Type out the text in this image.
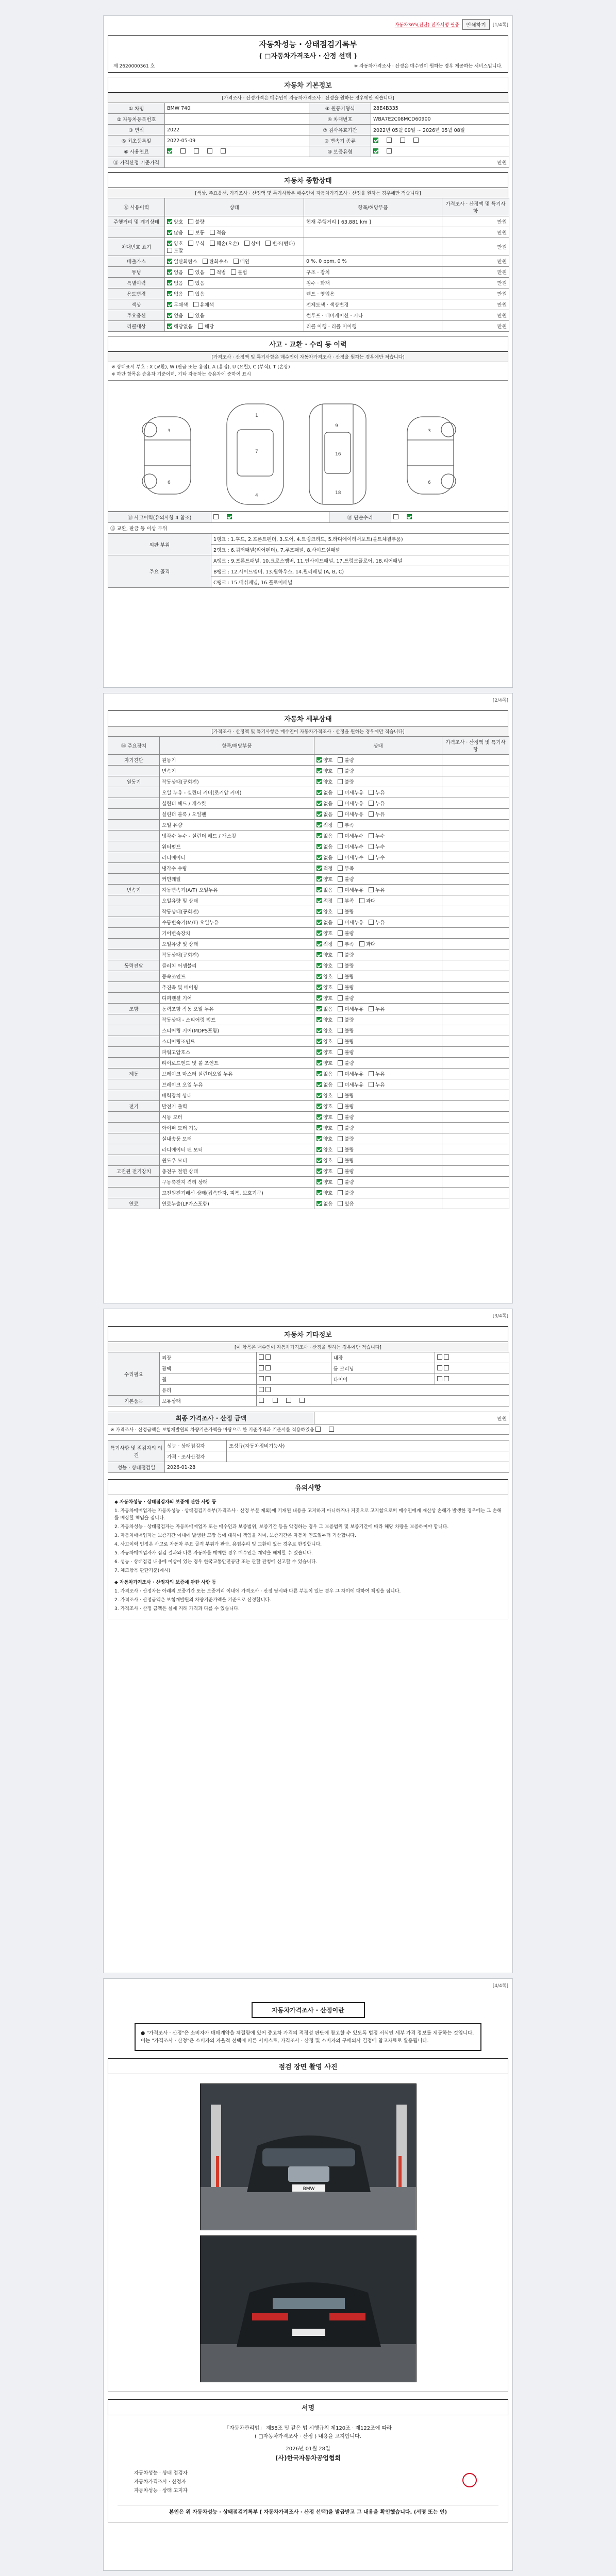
자동차365(진단) 전자서명 필증	인쇄하기	[1/4쪽]
자동차성능 · 상태점검기록부
( □자동차가격조사 · 산정 선택 )
제 2620000361 호	※ 자동차가격조사 · 산정은 매수인이 원하는 경우 제공하는 서비스입니다.
자동차 기본정보
[가격조사 · 산정가격은 매수인이 자동차가격조사 · 산정을 원하는 경우에만 적습니다]
① 차명	BMW 740i	⑧ 원동기형식	28E4B335
② 자동차등록번호		④ 차대번호	WBA7E2C08MCD60900
③ 연식	2022	⑦ 검사유효기간	2022년 05월 09일 ~ 2026년 05월 08일
⑤ 최초등록일	2022-05-09	⑨ 변속기 종류	
⑥ 사용연료		⑩ 보증유형	
⑪ 가격산정 기준가격	만원		
자동차 종합상태
[색상, 주요옵션, 가격조사 · 산정액 및 특기사항은 매수인이 자동차가격조사 · 산정을 원하는 경우에만 적습니다]
⑫ 사용이력	상태	항목/해당부품	가격조사 · 산정액 및 특기사항
주행거리 및 계기상태	양호 불량	현재 주행거리 [ 63,881 km ]	만원
	많음 보통 적음		만원
차대번호 표기	양호 부식 훼손(오손) 상이 변조(변타)도말		만원
배출가스	일산화탄소 탄화수소 매연	0 %, 0 ppm, 0 %	만원
튜닝	없음 있음 적법 불법	구조 · 장치	만원
특별이력	없음 있음	침수 · 화재	만원
용도변경	없음 있음	렌트 · 영업용	만원
색상	무채색 유채색	전체도색 · 색상변경	만원
주요옵션	없음 있음	썬루프 · 네비게이션 · 기타	만원
리콜대상	해당없음 해당	리콜 이행 · 리콜 미이행	만원
사고 · 교환 · 수리 등 이력
[가격조사 · 산정액 및 특기사항은 매수인이 자동차가격조사 · 산정을 원하는 경우에만 적습니다]
※ 상태표시 부호 : X (교환), W (판금 또는 용접), A (흠집), U (요철), C (부식), T (손상)
※ 하단 항목은 승용차 기준이며, 기타 자동차는 승용차에 준하여 표시
1
7
4
3
6
9
16
18
3
6
⑬ 사고이력(유의사항 4 참조)		⑭ 단순수리	
⑮ 교환, 판금 등 이상 부위			
외판 부위	1랭크 : 1.후드, 2.프론트펜더, 3.도어, 4.트렁크리드, 5.라디에이터서포트(볼트체결부품)		
	2랭크 : 6.쿼터패널(리어펜더), 7.루프패널, 8.사이드실패널		
주요 골격	A랭크 : 9.프론트패널, 10.크로스멤버, 11.인사이드패널, 17.트렁크플로어, 18.리어패널		
	B랭크 : 12.사이드멤버, 13.휠하우스, 14.필러패널 (A, B, C)		
	C랭크 : 15.대쉬패널, 16.플로어패널		
[2/4쪽]
자동차 세부상태
[가격조사 · 산정액 및 특기사항은 매수인이 자동차가격조사 · 산정을 원하는 경우에만 적습니다]
⑯ 주요장치	항목/해당부품	상태	가격조사 · 산정액 및 특기사항
자기진단	원동기	양호 불량	
	변속기	양호 불량	
원동기	작동상태(공회전)	양호 불량	
	오일 누유 - 실린더 커버(로커암 커버)	없음 미세누유 누유	
	실린더 헤드 / 개스킷	없음 미세누유 누유	
	실린더 블록 / 오일팬	없음 미세누유 누유	
	오일 유량	적정 부족	
	냉각수 누수 - 실린더 헤드 / 개스킷	없음 미세누수 누수	
	워터펌프	없음 미세누수 누수	
	라디에이터	없음 미세누수 누수	
	냉각수 수량	적정 부족	
	커먼레일	양호 불량	
변속기	자동변속기(A/T) 오일누유	없음 미세누유 누유	
	오일유량 및 상태	적정 부족 과다	
	작동상태(공회전)	양호 불량	
	수동변속기(M/T) 오일누유	없음 미세누유 누유	
	기어변속장치	양호 불량	
	오일유량 및 상태	적정 부족 과다	
	작동상태(공회전)	양호 불량	
동력전달	클러치 어셈블리	양호 불량	
	등속조인트	양호 불량	
	추진축 및 베어링	양호 불량	
	디퍼렌셜 기어	양호 불량	
조향	동력조향 작동 오일 누유	없음 미세누유 누유	
	작동상태 - 스티어링 펌프	양호 불량	
	스티어링 기어(MDPS포함)	양호 불량	
	스티어링조인트	양호 불량	
	파워고압호스	양호 불량	
	타이로드엔드 및 볼 조인트	양호 불량	
제동	브레이크 마스터 실린더오일 누유	없음 미세누유 누유	
	브레이크 오일 누유	없음 미세누유 누유	
	배력장치 상태	양호 불량	
전기	발전기 출력	양호 불량	
	시동 모터	양호 불량	
	와이퍼 모터 기능	양호 불량	
	실내송풍 모터	양호 불량	
	라디에이터 팬 모터	양호 불량	
	윈도우 모터	양호 불량	
고전원 전기장치	충전구 절연 상태	양호 불량	
	구동축전지 격리 상태	양호 불량	
	고전원전기배선 상태(접속단자, 피복, 보호기구)	양호 불량	
연료	연료누출(LP가스포함)	없음 있음	
[3/4쪽]
자동차 기타정보
[이 항목은 매수인이 자동차가격조사 · 산정을 원하는 경우에만 적습니다]
수리필요	외장		내장	
	광택		룸 크리닝	
	휠		타이어	
	유리			
기본품목	보유상태			
최종 가격조사 · 산정 금액	만원
※ 가격조사 · 산정금액은 보험개발원의 차량기준가액을 바탕으로 한 기준가격과 기준서를 적용하였음
특기사항 및 점검자의 의견	성능 · 상태점검자	조성규(자동차정비기능사)
	가격 · 조사산정자	
성능 · 상태점검일	2026-01-28	
유의사항

◆ 자동차성능 · 상태점검자의 보증에 관한 사항 등

1. 자동차매매업자는 자동차성능 · 상태점검기록부(가격조사 · 산정 부분 제외)에 기재된 내용을 고지하지 아니하거나 거짓으로 고지함으로써 매수인에게 재산상 손해가 발생한 경우에는 그 손해를 배상할 책임을 집니다.

2. 자동차성능 · 상태점검자는 자동차매매업자 또는 매수인과 보증범위, 보증기간 등을 약정하는 경우 그 보증범위 및 보증기간에 따라 해당 차량을 보증하여야 합니다.

3. 자동차매매업자는 보증기간 이내에 발생한 고장 등에 대하여 책임을 지며, 보증기간은 자동차 인도일부터 기산합니다.

4. 사고이력 인정은 사고로 자동차 주요 골격 부위가 판금, 용접수리 및 교환이 있는 경우로 한정합니다.

5. 자동차매매업자가 점검 결과와 다른 자동차를 매매한 경우 매수인은 계약을 해제할 수 있습니다.

6. 성능 · 상태점검 내용에 이상이 있는 경우 한국교통안전공단 또는 관할 관청에 신고할 수 있습니다.

7. 체크항목 판단기준(예시)

◆ 자동차가격조사 · 산정자의 보증에 관한 사항 등

1. 가격조사 · 산정자는 아래의 보증기간 또는 보증거리 이내에 가격조사 · 산정 당시와 다른 부분이 있는 경우 그 차이에 대하여 책임을 집니다.

2. 가격조사 · 산정금액은 보험개발원의 차량기준가액을 기준으로 산정합니다.

3. 가격조사 · 산정 금액은 실제 거래 가격과 다를 수 있습니다.

[4/4쪽]
자동차가격조사 · 산정이란
● "가격조사 · 산정"은 소비자가 매매계약을 체결함에 있어 중고차 가격의 적정성 판단에 참고할 수 있도록 법정 서식인 세부 가격 정보를 제공하는 것입니다. 이는 "가격조사 · 산정"은 소비자의 자율적 선택에 따른 서비스로, 가격조사 · 산정 및 소비자의 구매의사 결정에 참고자료로 활용됩니다.
점검 장면 촬영 사진
BMW
서명
「자동차관리법」 제58조 및 같은 법 시행규칙 제120조 · 제122조에 따라
( □자동차가격조사 · 산정 ) 내용을 고지합니다.
2026년 01월 28일
(사)한국자동차공업협회
자동차성능 · 상태 점검자
자동차가격조사 · 산정자
자동차성능 · 상태 고지자
본인은 위 자동차성능 · 상태점검기록부 [ 자동차가격조사 · 산정 선택]을 발급받고 그 내용을 확인했습니다. (서명 또는 인)
